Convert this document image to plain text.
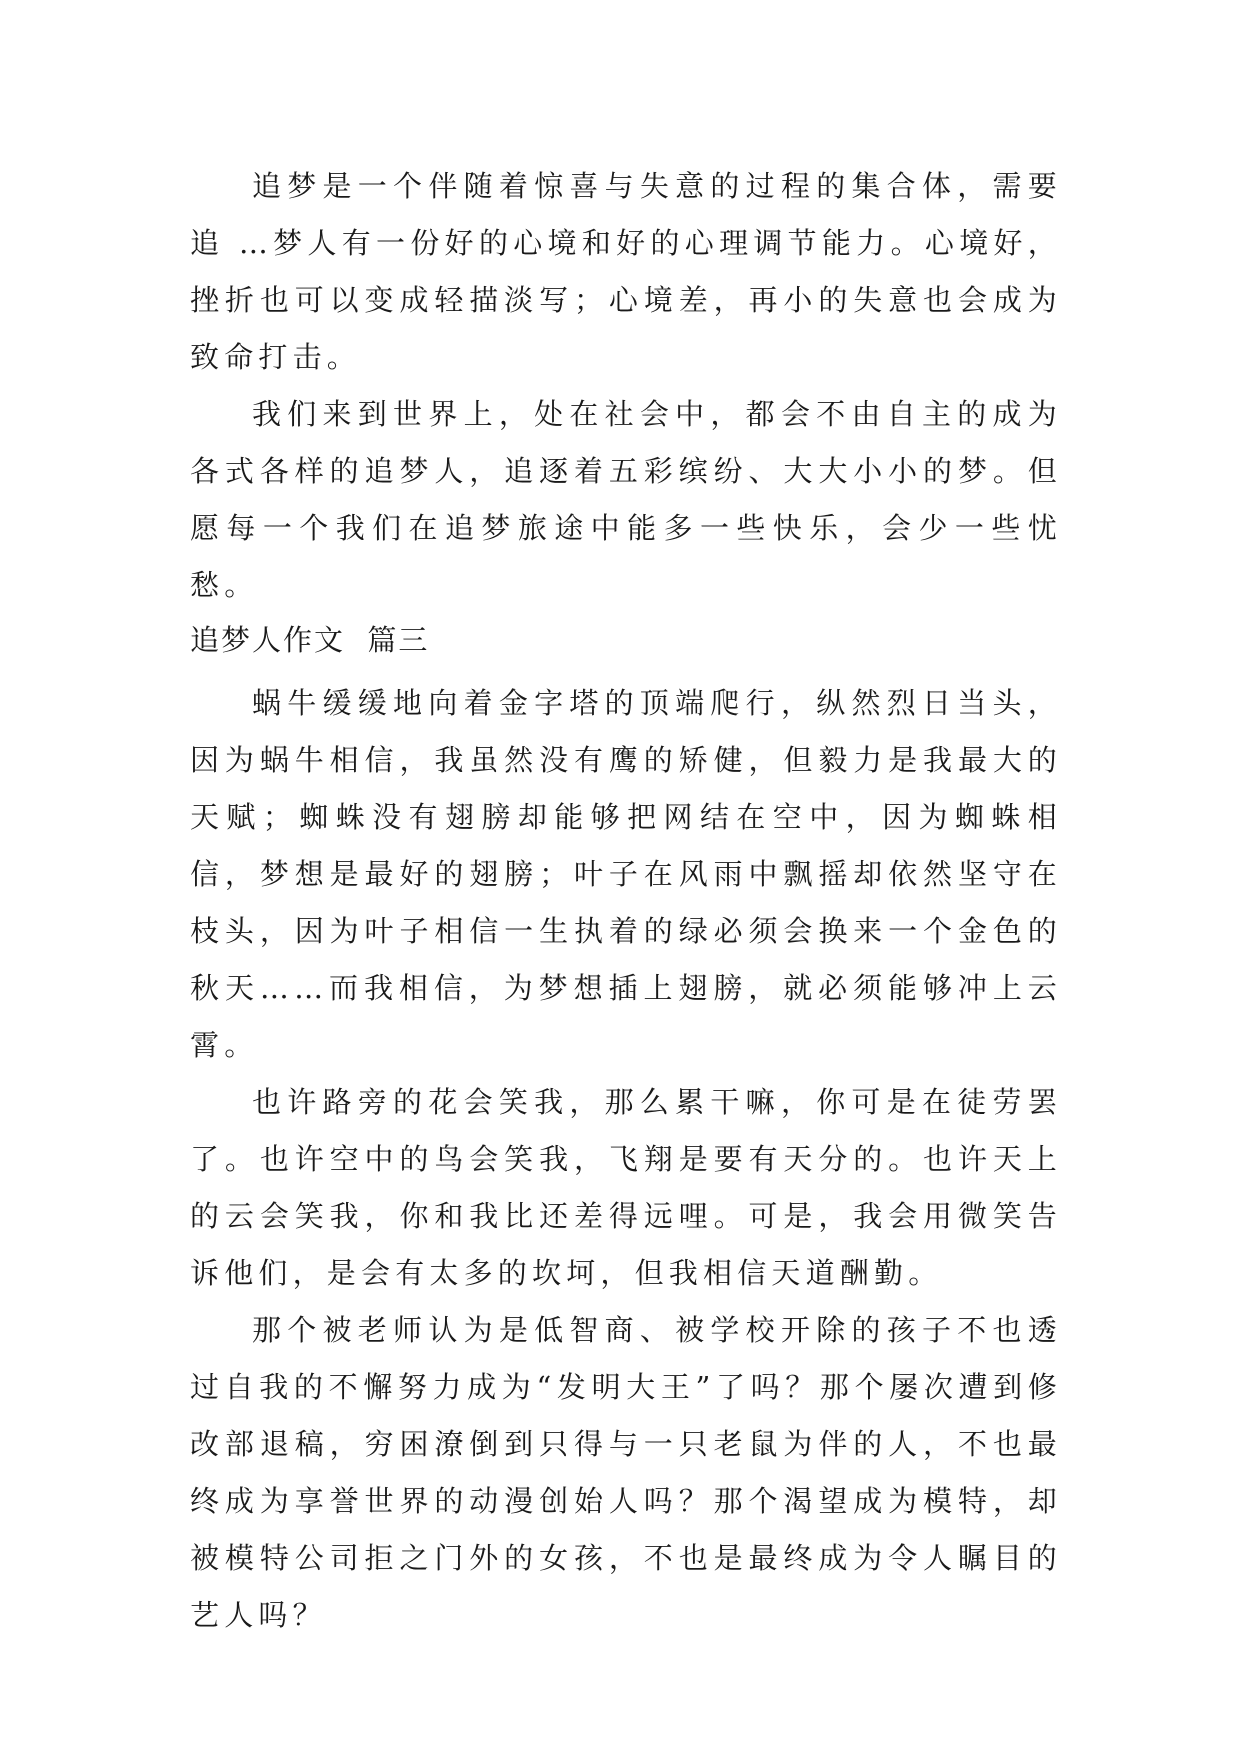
追梦是一个伴随着惊喜与失意的过程的集合体，需要追 …梦人有一份好的心境和好的心理调节能力。心境好，挫折也可以变成轻描淡写；心境差，再小的失意也会成为致命打击。

我们来到世界上，处在社会中，都会不由自主的成为各式各样的追梦人，追逐着五彩缤纷、大大小小的梦。但愿每一个我们在追梦旅途中能多一些快乐，会少一些忧愁。

追梦人作文  篇三

蜗牛缓缓地向着金字塔的顶端爬行，纵然烈日当头，因为蜗牛相信，我虽然没有鹰的矫健，但毅力是我最大的天赋；蜘蛛没有翅膀却能够把网结在空中，因为蜘蛛相信，梦想是最好的翅膀；叶子在风雨中飘摇却依然坚守在枝头，因为叶子相信一生执着的绿必须会换来一个金色的秋天……而我相信，为梦想插上翅膀，就必须能够冲上云霄。

也许路旁的花会笑我，那么累干嘛，你可是在徒劳罢了。也许空中的鸟会笑我，飞翔是要有天分的。也许天上的云会笑我，你和我比还差得远哩。可是，我会用微笑告诉他们，是会有太多的坎坷，但我相信天道酬勤。

那个被老师认为是低智商、被学校开除的孩子不也透过自我的不懈努力成为“发明大王”了吗？那个屡次遭到修改部退稿，穷困潦倒到只得与一只老鼠为伴的人，不也最终成为享誉世界的动漫创始人吗？那个渴望成为模特，却被模特公司拒之门外的女孩，不也是最终成为令人瞩目的艺人吗？
